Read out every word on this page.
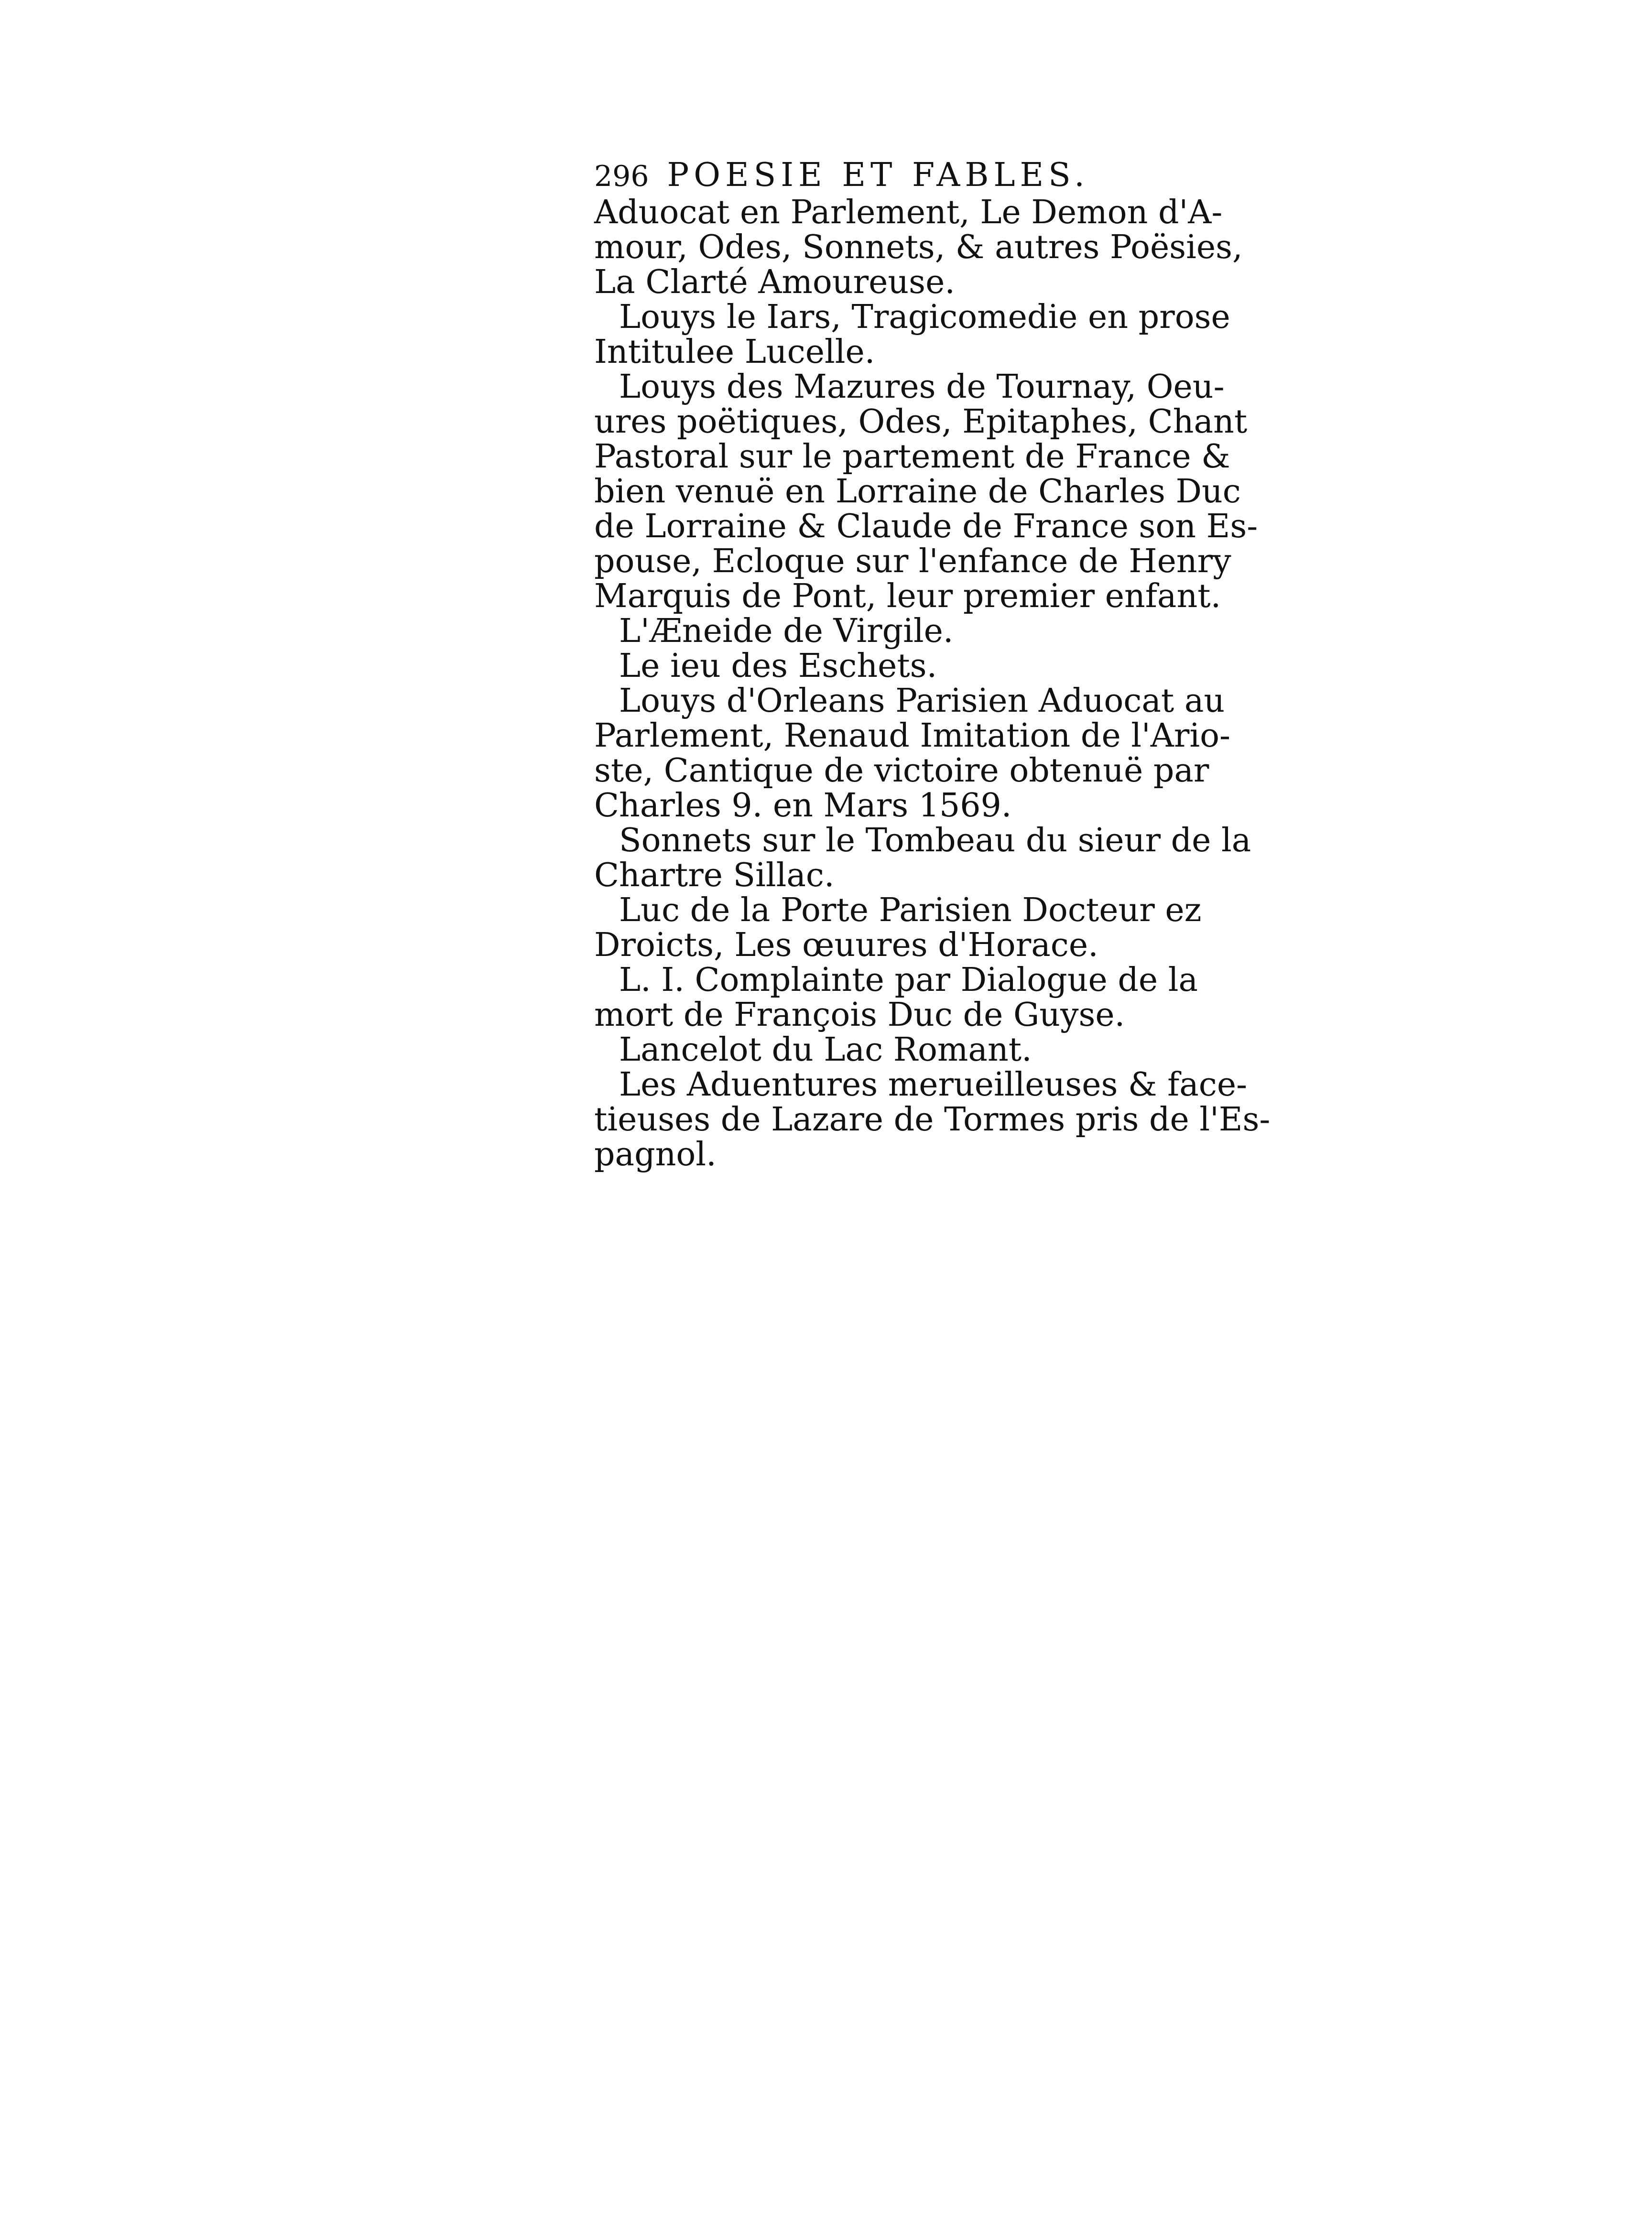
296 POESIE ET FABLES.
Aduocat en Parlement, Le Demon d'A-
mour, Odes, Sonnets, & autres Poësies,
La Clarté Amoureuse.
Louys le Iars, Tragicomedie en prose
Intitulee Lucelle.
Louys des Mazures de Tournay, Oeu-
ures poëtiques, Odes, Epitaphes, Chant
Pastoral sur le partement de France &
bien venuë en Lorraine de Charles Duc
de Lorraine & Claude de France son Es-
pouse, Ecloque sur l'enfance de Henry
Marquis de Pont, leur premier enfant.
L'Æneide de Virgile.
Le ieu des Eschets.
Louys d'Orleans Parisien Aduocat au
Parlement, Renaud Imitation de l'Ario-
ste, Cantique de victoire obtenuë par
Charles 9. en Mars 1569.
Sonnets sur le Tombeau du sieur de la
Chartre Sillac.
Luc de la Porte Parisien Docteur ez
Droicts, Les œuures d'Horace.
L. I. Complainte par Dialogue de la
mort de François Duc de Guyse.
Lancelot du Lac Romant.
Les Aduentures merueilleuses & face-
tieuses de Lazare de Tormes pris de l'Es-
pagnol.
